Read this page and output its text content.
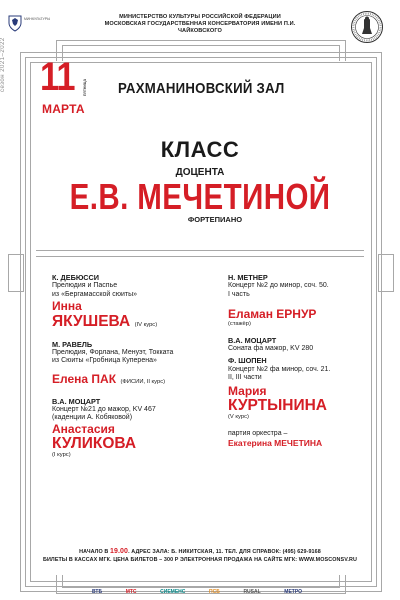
сезон 2021–2022
МИНКУЛЬТУРЫ	МИНИСТЕРСТВО КУЛЬТУРЫ РОССИЙСКОЙ ФЕДЕРАЦИИ
МОСКОВСКАЯ ГОСУДАРСТВЕННАЯ КОНСЕРВАТОРИЯ ИМЕНИ П.И. ЧАЙКОВСКОГО
11 пятница
МАРТА
РАХМАНИНОВСКИЙ ЗАЛ
КЛАСС
ДОЦЕНТА
Е.В. МЕЧЕТИНОЙ
ФОРТЕПИАНО
К. ДЕБЮССИ
Прелюдия и Паспье
из «Бергамасской сюиты»
Инна
ЯКУШЕВА (IV курс)
М. РАВЕЛЬ
Прелюдия, Форлана, Менуэт, Токката
из Сюиты «Гробница Куперена»
Елена ПАК (ФИСИИ, II курс)
В.А. МОЦАРТ
Концерт №21 до мажор, KV 467
(каденции А. Кобяковой)
Анастасия
КУЛИКОВА
(I курс)
Н. МЕТНЕР
Концерт №2 до минор, соч. 50.
I часть
Еламан ЕРНУР
(стажёр)
В.А. МОЦАРТ
Соната фа мажор, KV 280
Ф. ШОПЕН
Концерт №2 фа минор, соч. 21.
II, III части
Мария
КУРТЫНИНА
(V курс)
партия оркестра –
Екатерина МЕЧЕТИНА
НАЧАЛО В 19.00. АДРЕС ЗАЛА: Б. НИКИТСКАЯ, 11. ТЕЛ. ДЛЯ СПРАВОК: (495) 629-9168
БИЛЕТЫ В КАССАХ МГК. ЦЕНА БИЛЕТОВ – 300 Р ЭЛЕКТРОННАЯ ПРОДАЖА НА САЙТЕ МГК: WWW.MOSCONSV.RU
ВТБ	МТС	СИЕМЕНС	ПСБ	RUSAL	МЕТРО
